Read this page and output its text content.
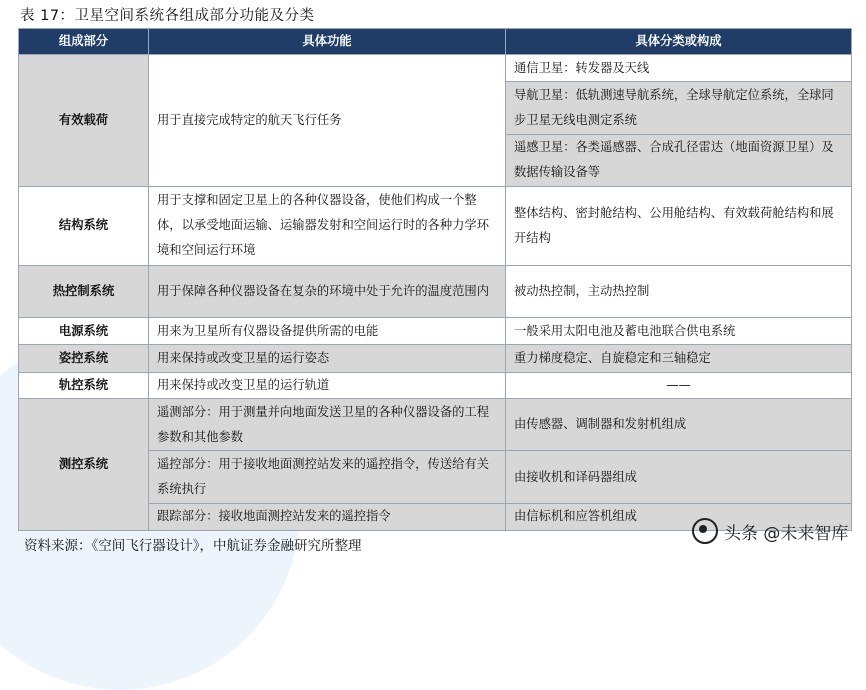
表 17：卫星空间系统各组成部分功能及分类
组成部分	具体功能	具体分类或构成
有效载荷	用于直接完成特定的航天飞行任务	通信卫星：转发器及天线
		导航卫星：低轨测速导航系统，全球导航定位系统，全球同步卫星无线电测定系统
		遥感卫星：各类遥感器、合成孔径雷达（地面资源卫星）及数据传输设备等
结构系统	用于支撑和固定卫星上的各种仪器设备，使他们构成一个整体，以承受地面运输、运输器发射和空间运行时的各种力学环境和空间运行环境	整体结构、密封舱结构、公用舱结构、有效载荷舱结构和展开结构
热控制系统	用于保障各种仪器设备在复杂的环境中处于允许的温度范围内	被动热控制，主动热控制
电源系统	用来为卫星所有仪器设备提供所需的电能	一般采用太阳电池及蓄电池联合供电系统
姿控系统	用来保持或改变卫星的运行姿态	重力梯度稳定、自旋稳定和三轴稳定
轨控系统	用来保持或改变卫星的运行轨道	——
测控系统	遥测部分：用于测量并向地面发送卫星的各种仪器设备的工程参数和其他参数	由传感器、调制器和发射机组成
	遥控部分：用于接收地面测控站发来的遥控指令，传送给有关系统执行	由接收机和译码器组成
	跟踪部分：接收地面测控站发来的遥控指令	由信标机和应答机组成
资料来源：《空间飞行器设计》，中航证券金融研究所整理
头条 @未来智库
